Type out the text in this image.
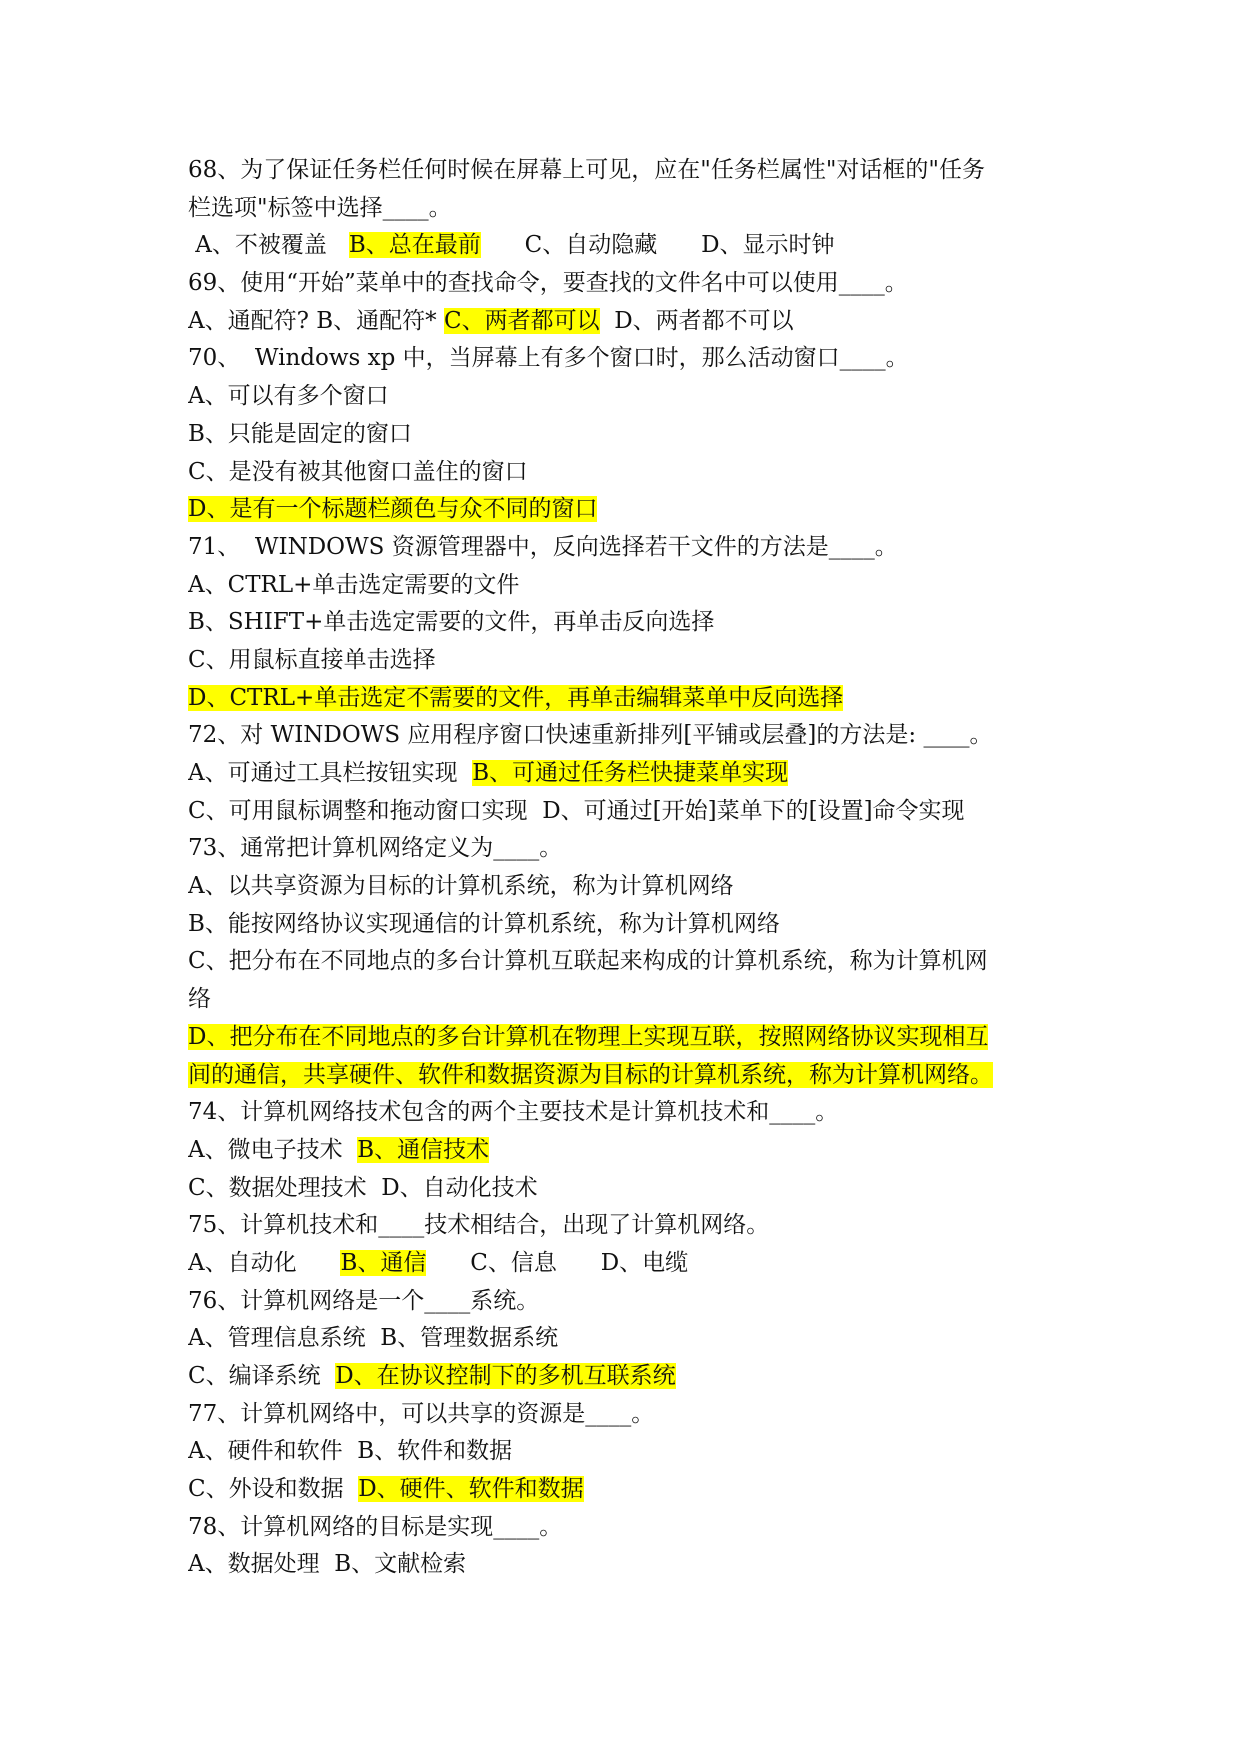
68、为了保证任务栏任何时候在屏幕上可见，应在"任务栏属性"对话框的"任务
栏选项"标签中选择____。
A、不被覆盖   B、总在最前      C、自动隐藏      D、显示时钟
69、使用“开始”菜单中的查找命令，要查找的文件名中可以使用____。
A、通配符? B、通配符* C、两者都可以  D、两者都不可以
70、  Windows xp 中，当屏幕上有多个窗口时，那么活动窗口____。
A、可以有多个窗口
B、只能是固定的窗口
C、是没有被其他窗口盖住的窗口
D、是有一个标题栏颜色与众不同的窗口
71、  WINDOWS 资源管理器中，反向选择若干文件的方法是____。
A、CTRL+单击选定需要的文件
B、SHIFT+单击选定需要的文件，再单击反向选择
C、用鼠标直接单击选择
D、CTRL+单击选定不需要的文件，再单击编辑菜单中反向选择
72、对 WINDOWS 应用程序窗口快速重新排列[平铺或层叠]的方法是: ____。
A、可通过工具栏按钮实现  B、可通过任务栏快捷菜单实现
C、可用鼠标调整和拖动窗口实现  D、可通过[开始]菜单下的[设置]命令实现
73、通常把计算机网络定义为____。
A、以共享资源为目标的计算机系统，称为计算机网络
B、能按网络协议实现通信的计算机系统，称为计算机网络
C、把分布在不同地点的多台计算机互联起来构成的计算机系统，称为计算机网
络
D、把分布在不同地点的多台计算机在物理上实现互联，按照网络协议实现相互
间的通信，共享硬件、软件和数据资源为目标的计算机系统，称为计算机网络。
74、计算机网络技术包含的两个主要技术是计算机技术和____。
A、微电子技术  B、通信技术
C、数据处理技术  D、自动化技术
75、计算机技术和____技术相结合，出现了计算机网络。
A、自动化      B、通信      C、信息      D、电缆
76、计算机网络是一个____系统。
A、管理信息系统  B、管理数据系统
C、编译系统  D、在协议控制下的多机互联系统
77、计算机网络中，可以共享的资源是____。
A、硬件和软件  B、软件和数据
C、外设和数据  D、硬件、软件和数据
78、计算机网络的目标是实现____。
A、数据处理  B、文献检索
